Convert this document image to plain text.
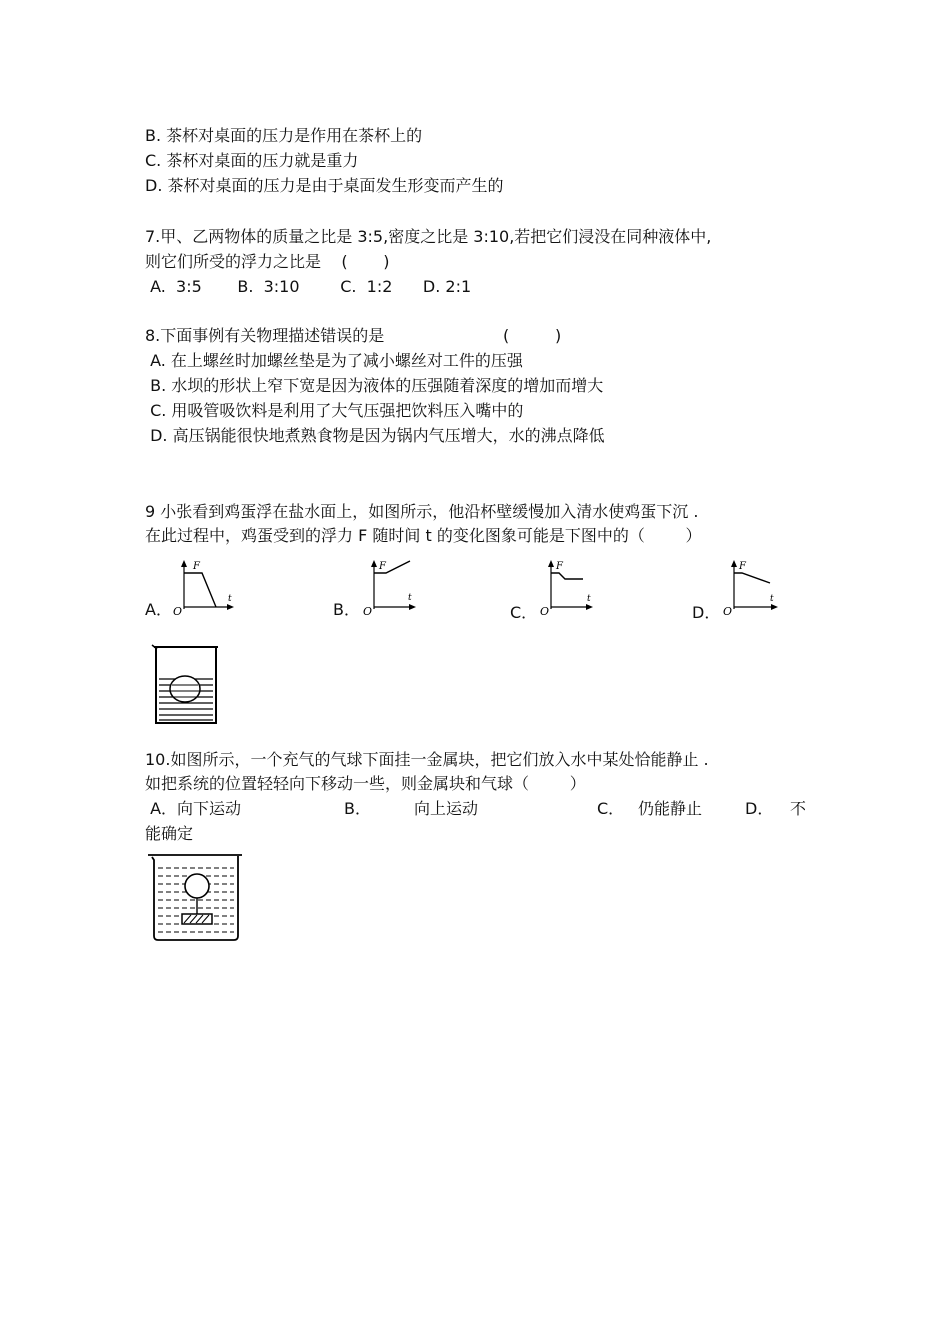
B. 茶杯对桌面的压力是作用在茶杯上的
C. 茶杯对桌面的压力就是重力
D. 茶杯对桌面的压力是由于桌面发生形变而产生的
7.甲、乙两物体的质量之比是 3:5,密度之比是 3:10,若把它们浸没在同种液体中,
则它们所受的浮力之比是    (       )
A.  3:5       B.  3:10        C.  1:2      D. 2:1
8.下面事例有关物理描述错误的是	(         )
A. 在上螺丝时加螺丝垫是为了减小螺丝对工件的压强
B. 水坝的形状上窄下宽是因为液体的压强随着深度的增加而增大
C. 用吸管吸饮料是利用了大气压强把饮料压入嘴中的
D. 高压锅能很快地煮熟食物是因为锅内气压增大，水的沸点降低
9 小张看到鸡蛋浮在盐水面上，如图所示，他沿杯壁缓慢加入清水使鸡蛋下沉 .
在此过程中，鸡蛋受到的浮力 F 随时间 t 的变化图象可能是下图中的（        ）
A．	B．	C．	D．
F
t
O
F
t
O
F
t
O
F
t
O
10.如图所示，一个充气的气球下面挂一金属块，把它们放入水中某处恰能静止 .
如把系统的位置轻轻向下移动一些，则金属块和气球（        ）
A．向下运动	B．	向上运动	C． 仍能静止	D． 不
能确定
